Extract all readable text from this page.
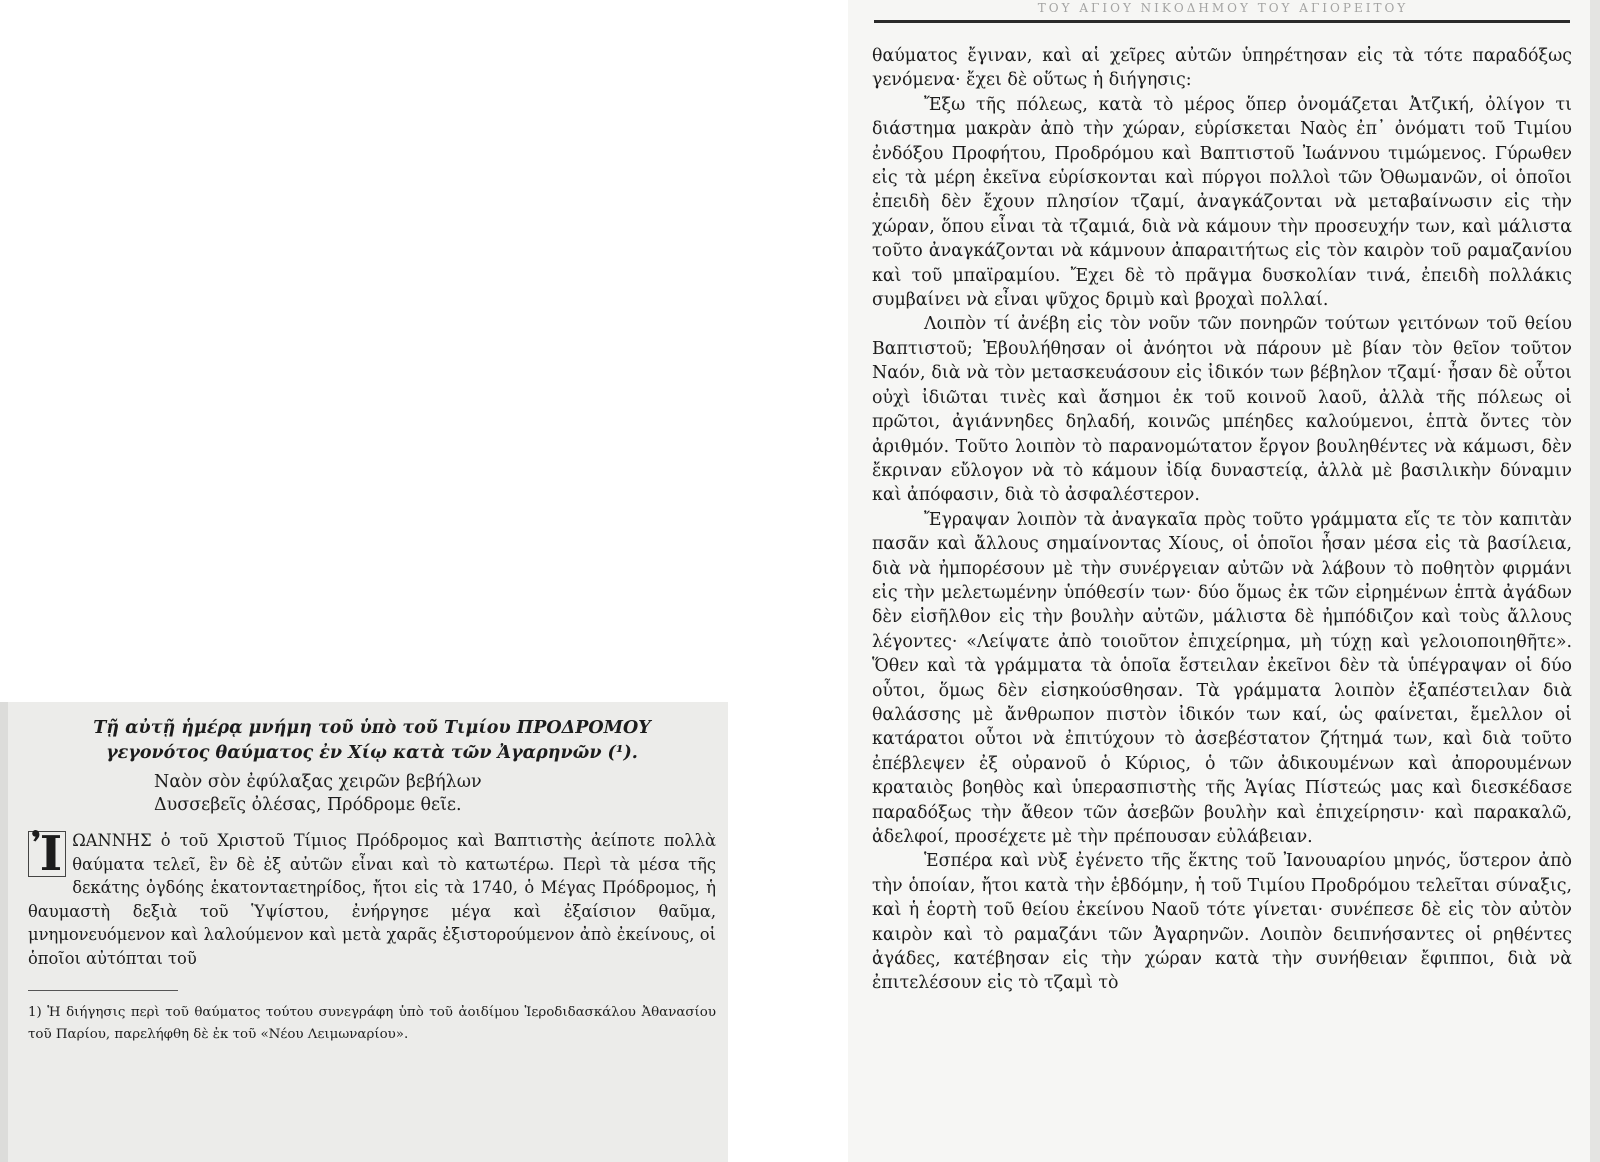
Τῇ αὐτῇ ἡμέρᾳ μνήμη τοῦ ὑπὸ τοῦ Τιμίου ΠΡΟΔΡΟΜΟΥ
γεγονότος θαύματος ἐν Χίῳ κατὰ τῶν Ἀγαρηνῶν (¹).
Ναὸν σὸν ἐφύλαξας χειρῶν βεβήλων
Δυσσεβεῖς ὀλέσας, Πρόδρομε θεῖε.
Ἰ ΩΑΝΝΗΣ ὁ τοῦ Χριστοῦ Τίμιος Πρόδρομος καὶ Βαπτιστὴς ἀείποτε πολλὰ θαύματα τελεῖ, ἓν δὲ ἐξ αὐτῶν εἶναι καὶ τὸ κατωτέρω. Περὶ τὰ μέσα τῆς δεκάτης ὀγδόης ἑκατονταετηρίδος, ἤτοι εἰς τὰ 1740, ὁ Μέγας Πρόδρομος, ἡ θαυμαστὴ δεξιὰ τοῦ Ὑψίστου, ἐνήργησε μέγα καὶ ἐξαίσιον θαῦμα, μνημονευόμενον καὶ λαλούμενον καὶ μετὰ χαρᾶς ἐξιστορούμενον ἀπὸ ἐκείνους, οἱ ὁποῖοι αὐτόπται τοῦ

1) Ἡ διήγησις περὶ τοῦ θαύματος τούτου συνεγράφη ὑπὸ τοῦ ἀοιδίμου Ἱεροδιδασκάλου Ἀθανασίου τοῦ Παρίου, παρελήφθη δὲ ἐκ τοῦ «Νέου Λειμωναρίου».
ΤΟΥ ΑΓΙΟΥ ΝΙΚΟΔΗΜΟΥ ΤΟΥ ΑΓΙΟΡΕΙΤΟΥ

θαύματος ἔγιναν, καὶ αἱ χεῖρες αὐτῶν ὑπηρέτησαν εἰς τὰ τότε παραδόξως γενόμενα· ἔχει δὲ οὕτως ἡ διήγησις:

Ἔξω τῆς πόλεως, κατὰ τὸ μέρος ὅπερ ὀνομάζεται Ἀτζική, ὀλίγον τι διάστημα μακρὰν ἀπὸ τὴν χώραν, εὑρίσκεται Ναὸς ἐπ᾿ ὀνόματι τοῦ Τιμίου ἐνδόξου Προφήτου, Προδρόμου καὶ Βαπτιστοῦ Ἰωάννου τιμώμενος. Γύρωθεν εἰς τὰ μέρη ἐκεῖνα εὑρίσκονται καὶ πύργοι πολλοὶ τῶν Ὀθωμανῶν, οἱ ὁποῖοι ἐπειδὴ δὲν ἔχουν πλησίον τζαμί, ἀναγκάζονται νὰ μεταβαίνωσιν εἰς τὴν χώραν, ὅπου εἶναι τὰ τζαμιά, διὰ νὰ κάμουν τὴν προσευχήν των, καὶ μάλιστα τοῦτο ἀναγκάζονται νὰ κάμνουν ἀπαραιτήτως εἰς τὸν καιρὸν τοῦ ραμαζανίου καὶ τοῦ μπαϊραμίου. Ἔχει δὲ τὸ πρᾶγμα δυσκολίαν τινά, ἐπειδὴ πολλάκις συμβαίνει νὰ εἶναι ψῦχος δριμὺ καὶ βροχαὶ πολλαί.

Λοιπὸν τί ἀνέβη εἰς τὸν νοῦν τῶν πονηρῶν τούτων γειτόνων τοῦ θείου Βαπτιστοῦ; Ἐβουλήθησαν οἱ ἀνόητοι νὰ πάρουν μὲ βίαν τὸν θεῖον τοῦτον Ναόν, διὰ νὰ τὸν μετασκευάσουν εἰς ἰδικόν των βέβηλον τζαμί· ἦσαν δὲ οὗτοι οὐχὶ ἰδιῶται τινὲς καὶ ἄσημοι ἐκ τοῦ κοινοῦ λαοῦ, ἀλλὰ τῆς πόλεως οἱ πρῶτοι, ἀγιάννηδες δηλαδή, κοινῶς μπέηδες καλούμενοι, ἑπτὰ ὄντες τὸν ἀριθμόν. Τοῦτο λοιπὸν τὸ παρανομώτατον ἔργον βουληθέντες νὰ κάμωσι, δὲν ἔκριναν εὔλογον νὰ τὸ κάμουν ἰδίᾳ δυναστείᾳ, ἀλλὰ μὲ βασιλικὴν δύναμιν καὶ ἀπόφασιν, διὰ τὸ ἀσφαλέστερον.

Ἔγραψαν λοιπὸν τὰ ἀναγκαῖα πρὸς τοῦτο γράμματα εἴς τε τὸν καπιτὰν πασᾶν καὶ ἄλλους σημαίνοντας Χίους, οἱ ὁποῖοι ἦσαν μέσα εἰς τὰ βασίλεια, διὰ νὰ ἠμπορέσουν μὲ τὴν συνέργειαν αὐτῶν νὰ λάβουν τὸ ποθητὸν φιρμάνι εἰς τὴν μελετωμένην ὑπόθεσίν των· δύο ὅμως ἐκ τῶν εἰρημένων ἑπτὰ ἀγάδων δὲν εἰσῆλθον εἰς τὴν βουλὴν αὐτῶν, μάλιστα δὲ ἠμπόδιζον καὶ τοὺς ἄλλους λέγοντες· «Λείψατε ἀπὸ τοιοῦτον ἐπιχείρημα, μὴ τύχῃ καὶ γελοιοποιηθῆτε». Ὅθεν καὶ τὰ γράμματα τὰ ὁποῖα ἔστειλαν ἐκεῖνοι δὲν τὰ ὑπέγραψαν οἱ δύο οὗτοι, ὅμως δὲν εἰσηκούσθησαν. Τὰ γράμματα λοιπὸν ἐξαπέστειλαν διὰ θαλάσσης μὲ ἄνθρωπον πιστὸν ἰδικόν των καί, ὡς φαίνεται, ἔμελλον οἱ κατάρατοι οὗτοι νὰ ἐπιτύχουν τὸ ἀσεβέστατον ζήτημά των, καὶ διὰ τοῦτο ἐπέβλεψεν ἐξ οὐρανοῦ ὁ Κύριος, ὁ τῶν ἀδικουμένων καὶ ἀπορουμένων κραταιὸς βοηθὸς καὶ ὑπερασπιστὴς τῆς Ἁγίας Πίστεώς μας καὶ διεσκέδασε παραδόξως τὴν ἄθεον τῶν ἀσεβῶν βουλὴν καὶ ἐπιχείρησιν· καὶ παρακαλῶ, ἀδελφοί, προσέχετε μὲ τὴν πρέπουσαν εὐλάβειαν.

Ἑσπέρα καὶ νὺξ ἐγένετο τῆς ἕκτης τοῦ Ἰανουαρίου μηνός, ὕστερον ἀπὸ τὴν ὁποίαν, ἤτοι κατὰ τὴν ἑβδόμην, ἡ τοῦ Τιμίου Προδρόμου τελεῖται σύναξις, καὶ ἡ ἑορτὴ τοῦ θείου ἐκείνου Ναοῦ τότε γίνεται· συνέπεσε δὲ εἰς τὸν αὐτὸν καιρὸν καὶ τὸ ραμαζάνι τῶν Ἀγαρηνῶν. Λοιπὸν δειπνήσαντες οἱ ρηθέντες ἀγάδες, κατέβησαν εἰς τὴν χώραν κατὰ τὴν συνήθειαν ἔφιπποι, διὰ νὰ ἐπιτελέσουν εἰς τὸ τζαμὶ τὸ
